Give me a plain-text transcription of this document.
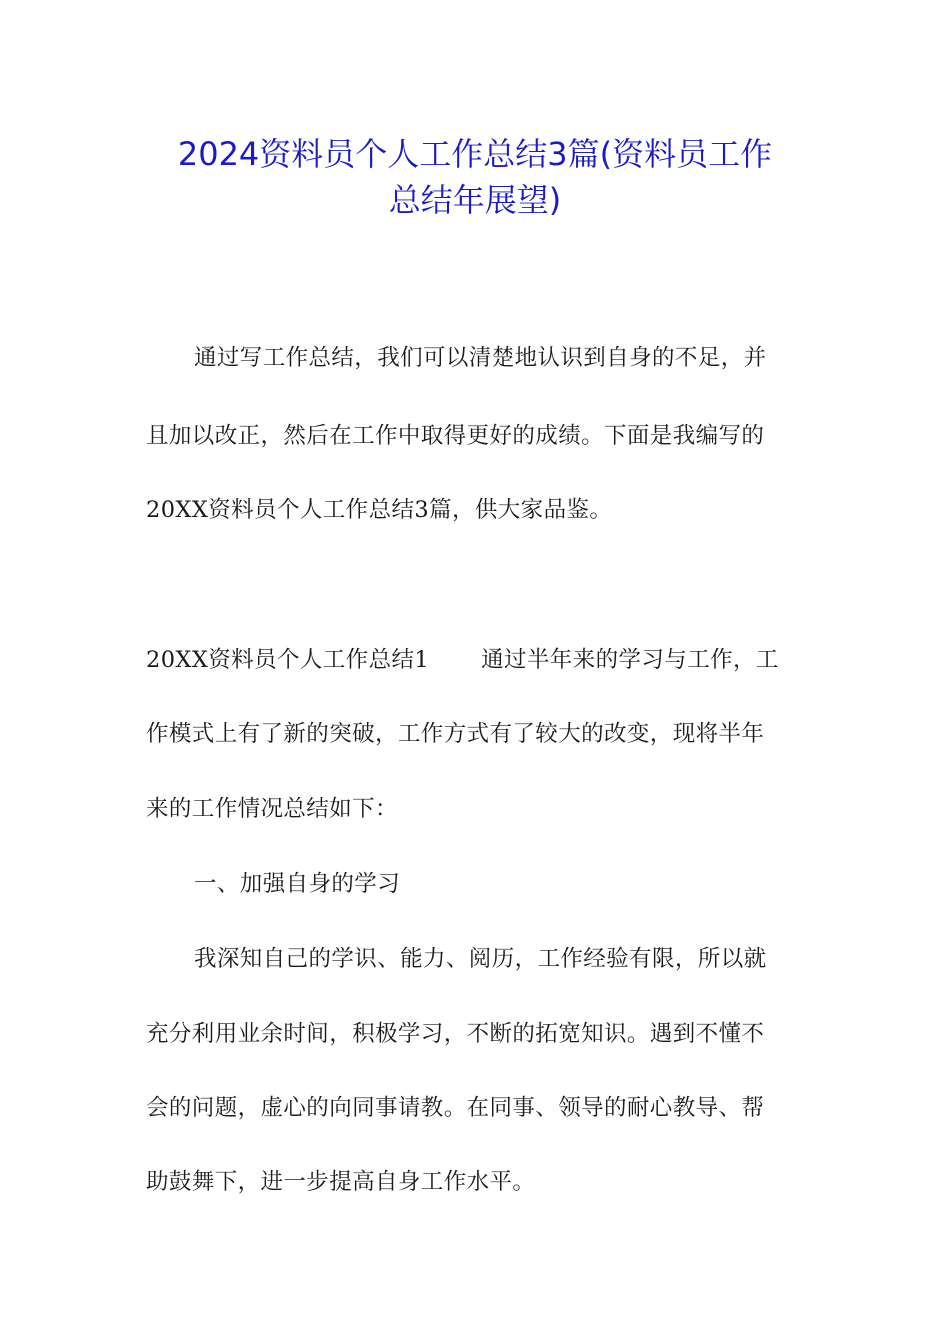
2024资料员个人工作总结3篇(资料员工作
总结年展望)
通过写工作总结，我们可以清楚地认识到自身的不足，并
且加以改正，然后在工作中取得更好的成绩。下面是我编写的
20XX资料员个人工作总结3篇，供大家品鉴。
20XX资料员个人工作总结1 通过半年来的学习与工作，工
作模式上有了新的突破，工作方式有了较大的改变，现将半年
来的工作情况总结如下：
一、加强自身的学习
我深知自己的学识、能力、阅历，工作经验有限，所以就
充分利用业余时间，积极学习，不断的拓宽知识。遇到不懂不
会的问题，虚心的向同事请教。在同事、领导的耐心教导、帮
助鼓舞下，进一步提高自身工作水平。
